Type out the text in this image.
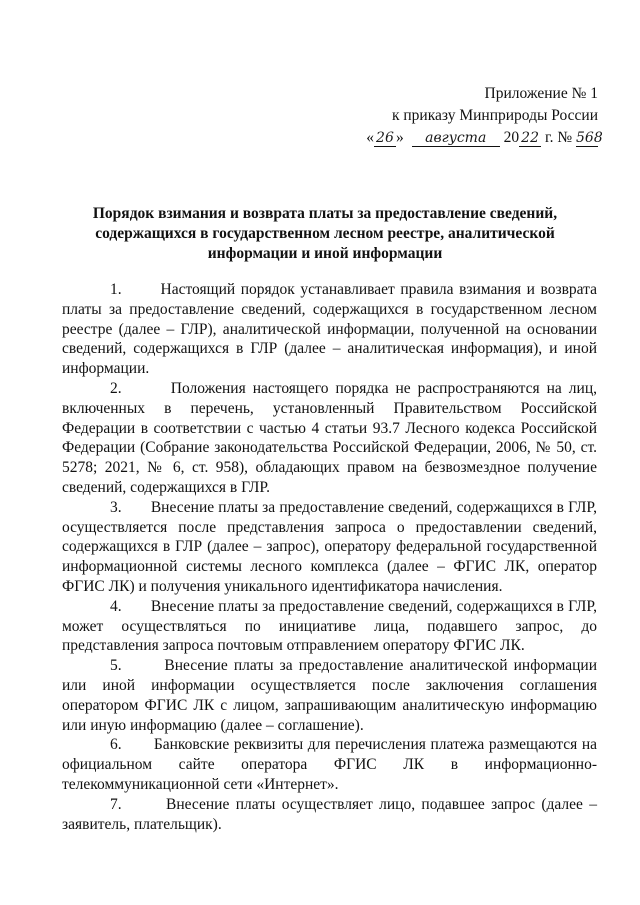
Приложение № 1
к приказу Минприроды России
« 26 » августа 20 22 г. № 568
Порядок взимания и возврата платы за предоставление сведений,
содержащихся в государственном лесном реестре, аналитической
информации и иной информации

1.	Настоящий порядок устанавливает правила взимания и возврата платы за предоставление сведений, содержащихся в государственном лесном реестре (далее – ГЛР), аналитической информации, полученной на основании сведений, содержащихся в ГЛР (далее – аналитическая информация), и иной информации.

2.	Положения настоящего порядка не распространяются на лиц, включенных в перечень, установленный Правительством Российской Федерации в соответствии с частью 4 статьи 93.7 Лесного кодекса Российской Федерации (Собрание законодательства Российской Федерации, 2006, № 50, ст. 5278; 2021, № 6, ст. 958), обладающих правом на безвозмездное получение сведений, содержащихся в ГЛР.

3. Внесение платы за предоставление сведений, содержащихся в ГЛР, осуществляется после представления запроса о предоставлении сведений, содержащихся в ГЛР (далее – запрос), оператору федеральной государственной информационной системы лесного комплекса (далее – ФГИС ЛК, оператор ФГИС ЛК) и получения уникального идентификатора начисления.

4. Внесение платы за предоставление сведений, содержащихся в ГЛР, может осуществляться по инициативе лица, подавшего запрос, до представления запроса почтовым отправлением оператору ФГИС ЛК.

5.	Внесение платы за предоставление аналитической информации или иной информации осуществляется после заключения соглашения оператором ФГИС ЛК с лицом, запрашивающим аналитическую информацию или иную информацию (далее – соглашение).

6. Банковские реквизиты для перечисления платежа размещаются на официальном сайте оператора ФГИС ЛК в информационно-телекоммуникационной сети «Интернет».

7.	Внесение платы осуществляет лицо, подавшее запрос (далее – заявитель, плательщик).
